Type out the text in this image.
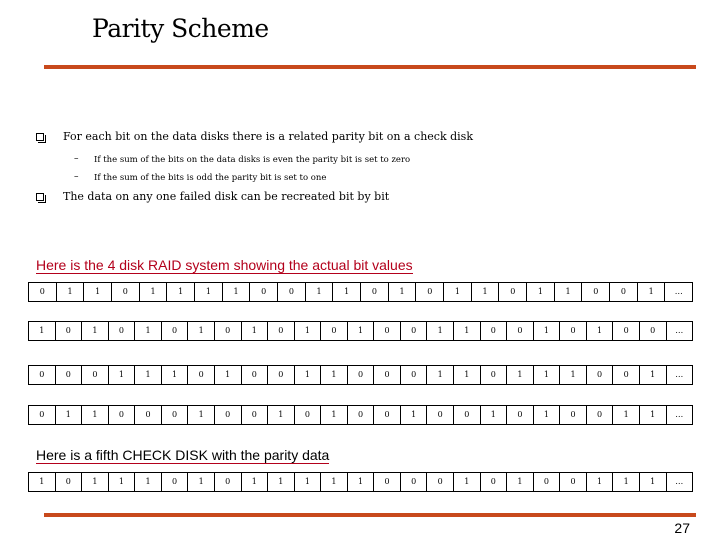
Parity Scheme
For each bit on the data disks there is a related parity bit on a check disk
– If the sum of the bits on the data disks is even the parity bit is set to zero
– If the sum of the bits is odd the parity bit is set to one
The data on any one failed disk can be recreated bit by bit
Here is the 4 disk RAID system showing the actual bit values
0	1	1	0	1	1	1	1	0	0	1	1	0	1	0	1	1	0	1	1	0	0	1	…
1	0	1	0	1	0	1	0	1	0	1	0	1	0	0	1	1	0	0	1	0	1	0	0	…
0	0	0	1	1	1	0	1	0	0	1	1	0	0	0	1	1	0	1	1	1	0	0	1	…
0	1	1	0	0	0	1	0	0	1	0	1	0	0	1	0	0	1	0	1	0	0	1	1	…
Here is a fifth CHECK DISK with the parity data
1	0	1	1	1	0	1	0	1	1	1	1	1	0	0	0	1	0	1	0	0	1	1	1	…
27
